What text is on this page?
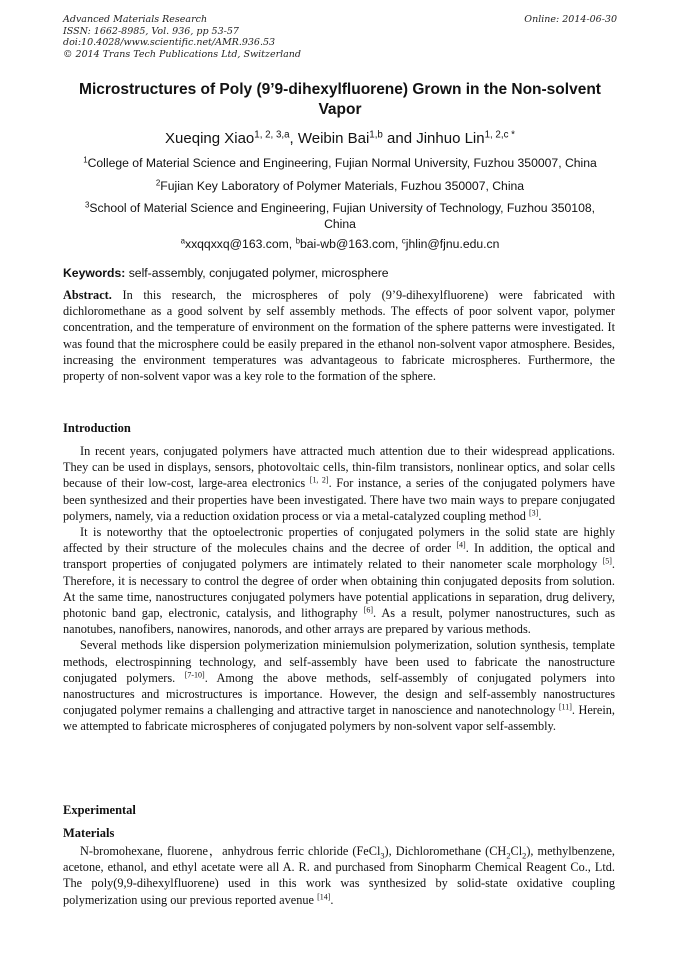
Advanced Materials Research
ISSN: 1662-8985, Vol. 936, pp 53-57
doi:10.4028/www.scientific.net/AMR.936.53
© 2014 Trans Tech Publications Ltd, Switzerland
Online: 2014-06-30
Microstructures of Poly (9’9-dihexylfluorene) Grown in the Non-solvent Vapor
Xueqing Xiao$^{1, 2, 3,a}$, Weibin Bai$^{1,b}$ and Jinhuo Lin$^{1, 2,c *}$
$^1$College of Material Science and Engineering, Fujian Normal University, Fuzhou 350007, China
$^2$Fujian Key Laboratory of Polymer Materials, Fuzhou 350007, China
$^3$School of Material Science and Engineering, Fujian University of Technology, Fuzhou 350108,
China
$^a$xxqqxxq@163.com, $^b$bai-wb@163.com, $^c$jhlin@fjnu.edu.cn
Keywords: self-assembly, conjugated polymer, microsphere

Abstract. In this research, the microspheres of poly (9’9-dihexylfluorene) were fabricated with dichloromethane as a good solvent by self assembly methods. The effects of poor solvent vapor, polymer concentration, and the temperature of environment on the formation of the sphere patterns were investigated. It was found that the microsphere could be easily prepared in the ethanol non-solvent vapor atmosphere. Besides, increasing the environment temperatures was advantageous to fabricate microspheres. Furthermore, the property of non-solvent vapor was a key role to the formation of the sphere.

Introduction

In recent years, conjugated polymers have attracted much attention due to their widespread applications. They can be used in displays, sensors, photovoltaic cells, thin-film transistors, nonlinear optics, and solar cells because of their low-cost, large-area electronics [1, 2]. For instance, a series of the conjugated polymers have been synthesized and their properties have been investigated. There have two main ways to prepare conjugated polymers, namely, via a reduction oxidation process or via a metal-catalyzed coupling method [3].

It is noteworthy that the optoelectronic properties of conjugated polymers in the solid state are highly affected by their structure of the molecules chains and the decree of order [4]. In addition, the optical and transport properties of conjugated polymers are intimately related to their nanometer scale morphology [5]. Therefore, it is necessary to control the degree of order when obtaining thin conjugated deposits from solution. At the same time, nanostructures conjugated polymers have potential applications in separation, drug delivery, photonic band gap, electronic, catalysis, and lithography [6]. As a result, polymer nanostructures, such as nanotubes, nanofibers, nanowires, nanorods, and other arrays are prepared by various methods.

Several methods like dispersion polymerization miniemulsion polymerization, solution synthesis, template methods, electrospinning technology, and self-assembly have been used to fabricate the nanostructure conjugated polymers. [7-10]. Among the above methods, self-assembly of conjugated polymers into nanostructures and microstructures is importance. However, the design and self-assembly nanostructures conjugated polymer remains a challenging and attractive target in nanoscience and nanotechnology [11]. Herein, we attempted to fabricate microspheres of conjugated polymers by non-solvent vapor self-assembly.

Experimental
Materials

N-bromohexane, fluorene，anhydrous ferric chloride (FeCl$_3$), Dichloromethane $(CH_2Cl_2)$, methylbenzene, acetone, ethanol, and ethyl acetate were all A. R. and purchased from Sinopharm Chemical Reagent Co., Ltd. The poly(9,9-dihexylfluorene) used in this work was synthesized by solid-state oxidative coupling polymerization using our previous reported avenue [14].
